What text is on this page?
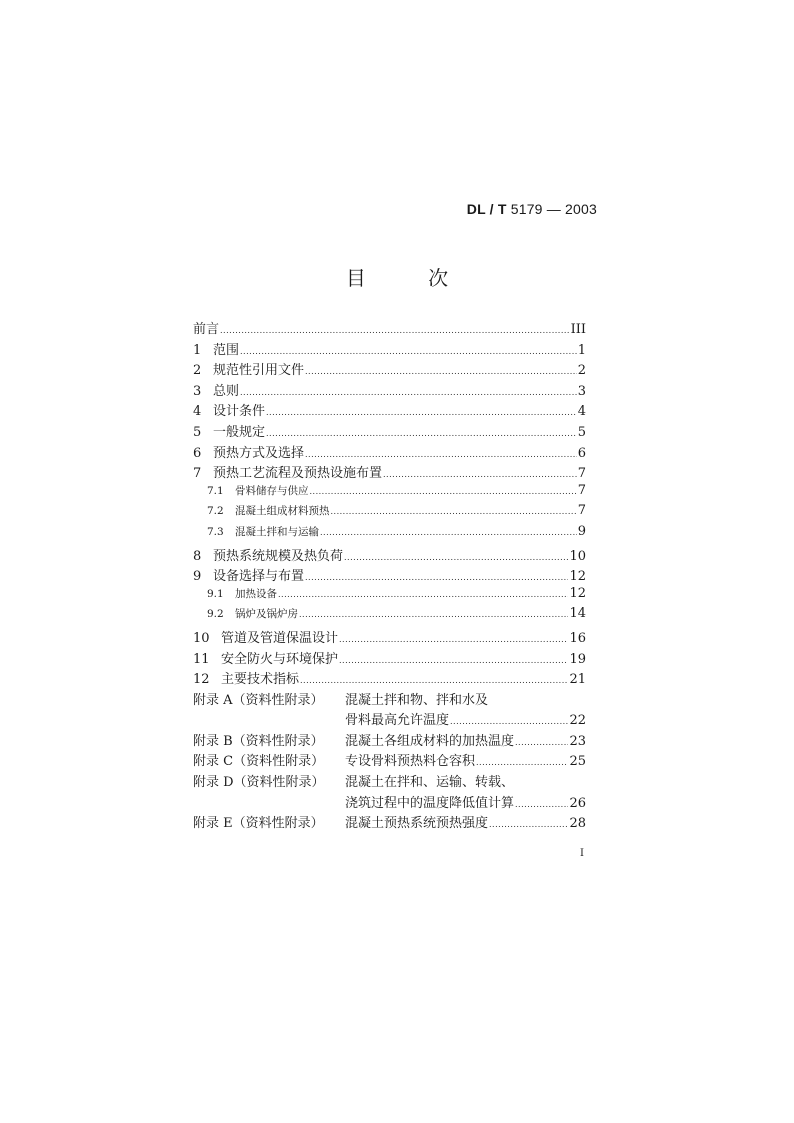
DL / T 5179 — 2003
目 次
前言 .....	III
1 范围 .....	1
2 规范性引用文件 .....	2
3 总则 .....	3
4 设计条件 .....	4
5 一般规定 .....	5
6 预热方式及选择 .....	6
7 预热工艺流程及预热设施布置 .....	7
7.1 骨料储存与供应 .....	7
7.2 混凝土组成材料预热 .....	7
7.3 混凝土拌和与运输 .....	9
8 预热系统规模及热负荷 .....	10
9 设备选择与布置 .....	12
9.1 加热设备 .....	12
9.2 锅炉及锅炉房 .....	14
10 管道及管道保温设计 .....	16
11 安全防火与环境保护 .....	19
12 主要技术指标 .....	21
附录 A（资料性附录）	混凝土拌和物、拌和水及
骨料最高允许温度 .....	22
附录 B（资料性附录）	混凝土各组成材料的加热温度 .....	23
附录 C（资料性附录）	专设骨料预热料仓容积 .....	25
附录 D（资料性附录）	混凝土在拌和、运输、转载、
浇筑过程中的温度降低值计算 .....	26
附录 E（资料性附录）	混凝土预热系统预热强度 .....	28
I
